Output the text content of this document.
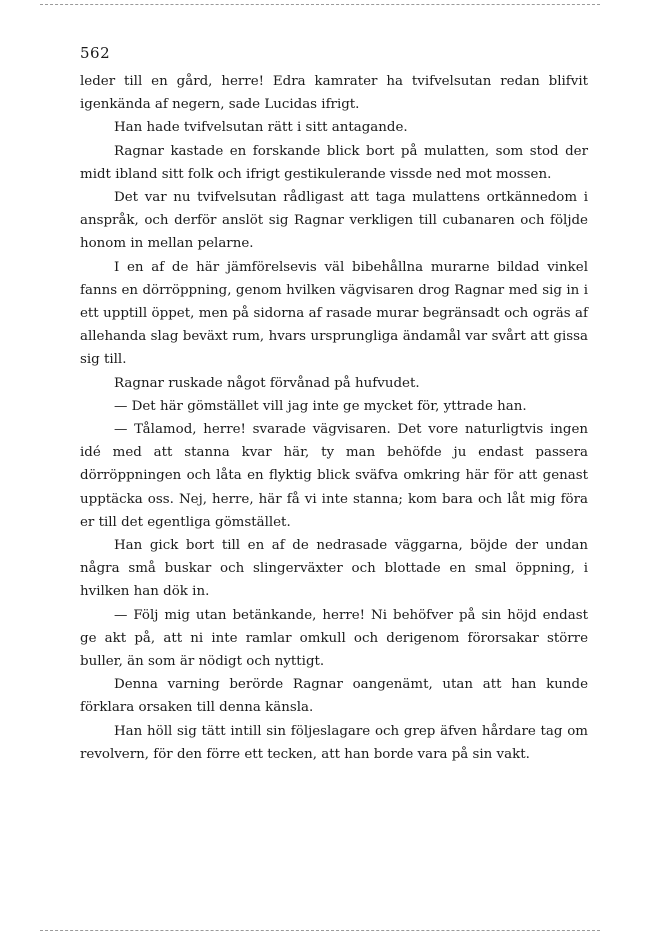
562

leder till en gård, herre! Edra kamrater ha tvifvelsutan redan blifvit igenkända af negern, sade Lucidas ifrigt.

Han hade tvifvelsutan rätt i sitt antagande.

Ragnar kastade en forskande blick bort på mulatten, som stod der midt ibland sitt folk och ifrigt gestikulerande vissde ned mot mossen.

Det var nu tvifvelsutan rådligast att taga mulattens ortkännedom i anspråk, och derför anslöt sig Ragnar verkligen till cubanaren och följde honom in mellan pelarne.

I en af de här jämförelsevis väl bibehållna murarne bildad vinkel fanns en dörröppning, genom hvilken vägvisaren drog Ragnar med sig in i ett upptill öppet, men på sidorna af rasade murar begränsadt och ogräs af allehanda slag beväxt rum, hvars ursprungliga ändamål var svårt att gissa sig till.

Ragnar ruskade något förvånad på hufvudet.

— Det här gömstället vill jag inte ge mycket för, yttrade han.

— Tålamod, herre! svarade vägvisaren. Det vore naturligtvis ingen idé med att stanna kvar här, ty man behöfde ju endast passera dörröppningen och låta en flyktig blick sväfva omkring här för att genast upptäcka oss. Nej, herre, här få vi inte stanna; kom bara och låt mig föra er till det egentliga gömstället.

Han gick bort till en af de nedrasade väggarna, böjde der undan några små buskar och slingerväxter och blottade en smal öppning, i hvilken han dök in.

— Följ mig utan betänkande, herre! Ni behöfver på sin höjd endast ge akt på, att ni inte ramlar omkull och derigenom förorsakar större buller, än som är nödigt och nyttigt.

Denna varning berörde Ragnar oangenämt, utan att han kunde förklara orsaken till denna känsla.

Han höll sig tätt intill sin följeslagare och grep äfven hårdare tag om revolvern, för den förre ett tecken, att han borde vara på sin vakt.
